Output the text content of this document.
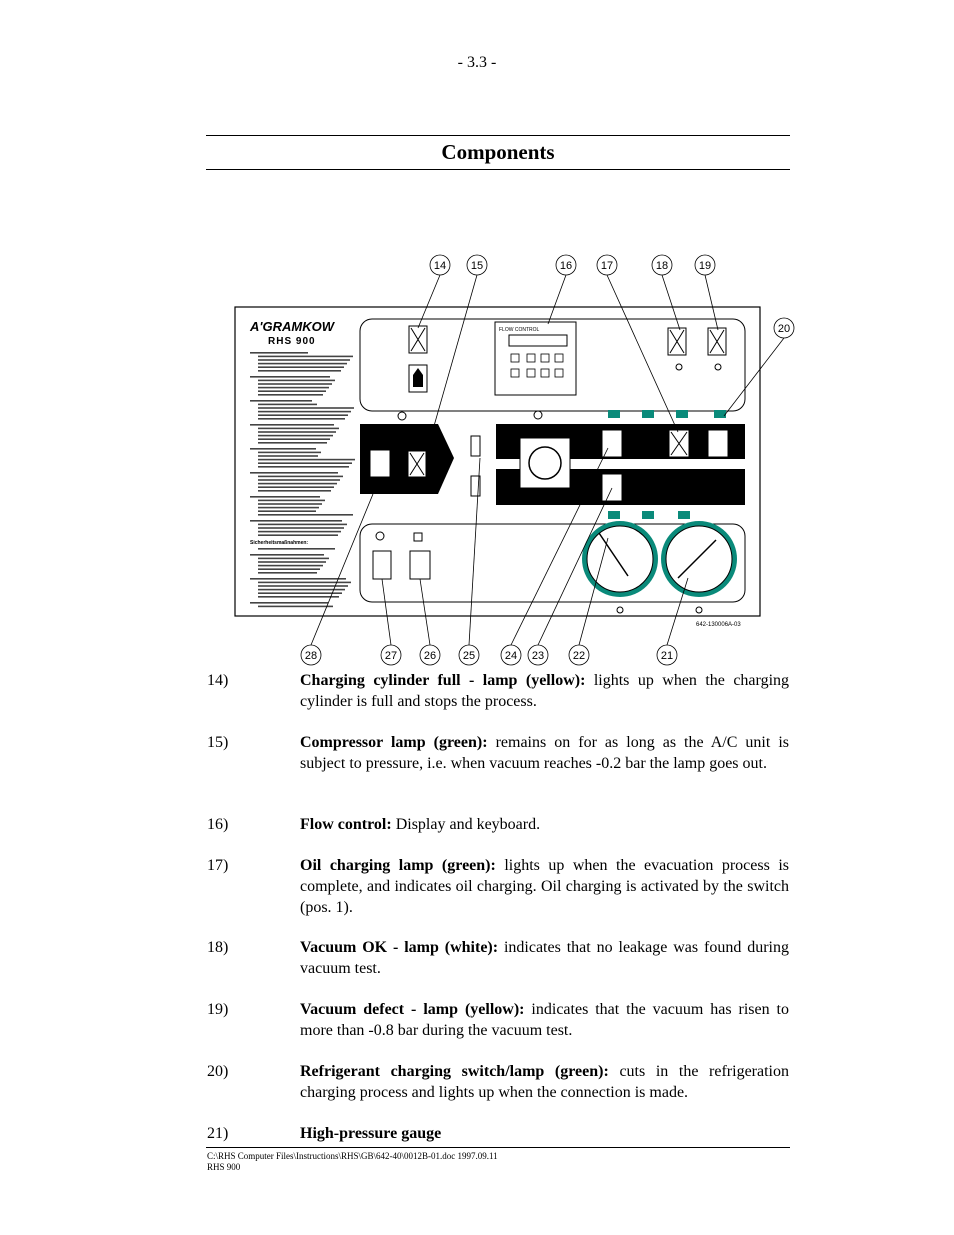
- 3.3 -
Components
A'GRAMKOW
RHS 900
Sicherheitsmaßnahmen:
FLOW CONTROL
642-130006A-03
14 15	16	17	18	19
20
28	27 26 25	24 23	22	21
14)	Charging cylinder full - lamp (yellow): lights up when the charging cylinder is full and stops the process.
15)	Compressor lamp (green): remains on for as long as the A/C unit is subject to pressure, i.e. when vacuum reaches -0.2 bar the lamp goes out.
16)	Flow control: Display and keyboard.
17)	Oil charging lamp (green): lights up when the evacuation process is complete, and indicates oil charging. Oil charging is activated by the switch (pos. 1).
18)	Vacuum OK - lamp (white): indicates that no leakage was found during vacuum test.
19)	Vacuum defect - lamp (yellow): indicates that the vacuum has risen to more than -0.8 bar during the vacuum test.
20)	Refrigerant charging switch/lamp (green): cuts in the refrigeration charging process and lights up when the connection is made.
21)	High-pressure gauge
C:\RHS Computer Files\Instructions\RHS\GB\642-40\0012B-01.doc 1997.09.11
RHS 900
